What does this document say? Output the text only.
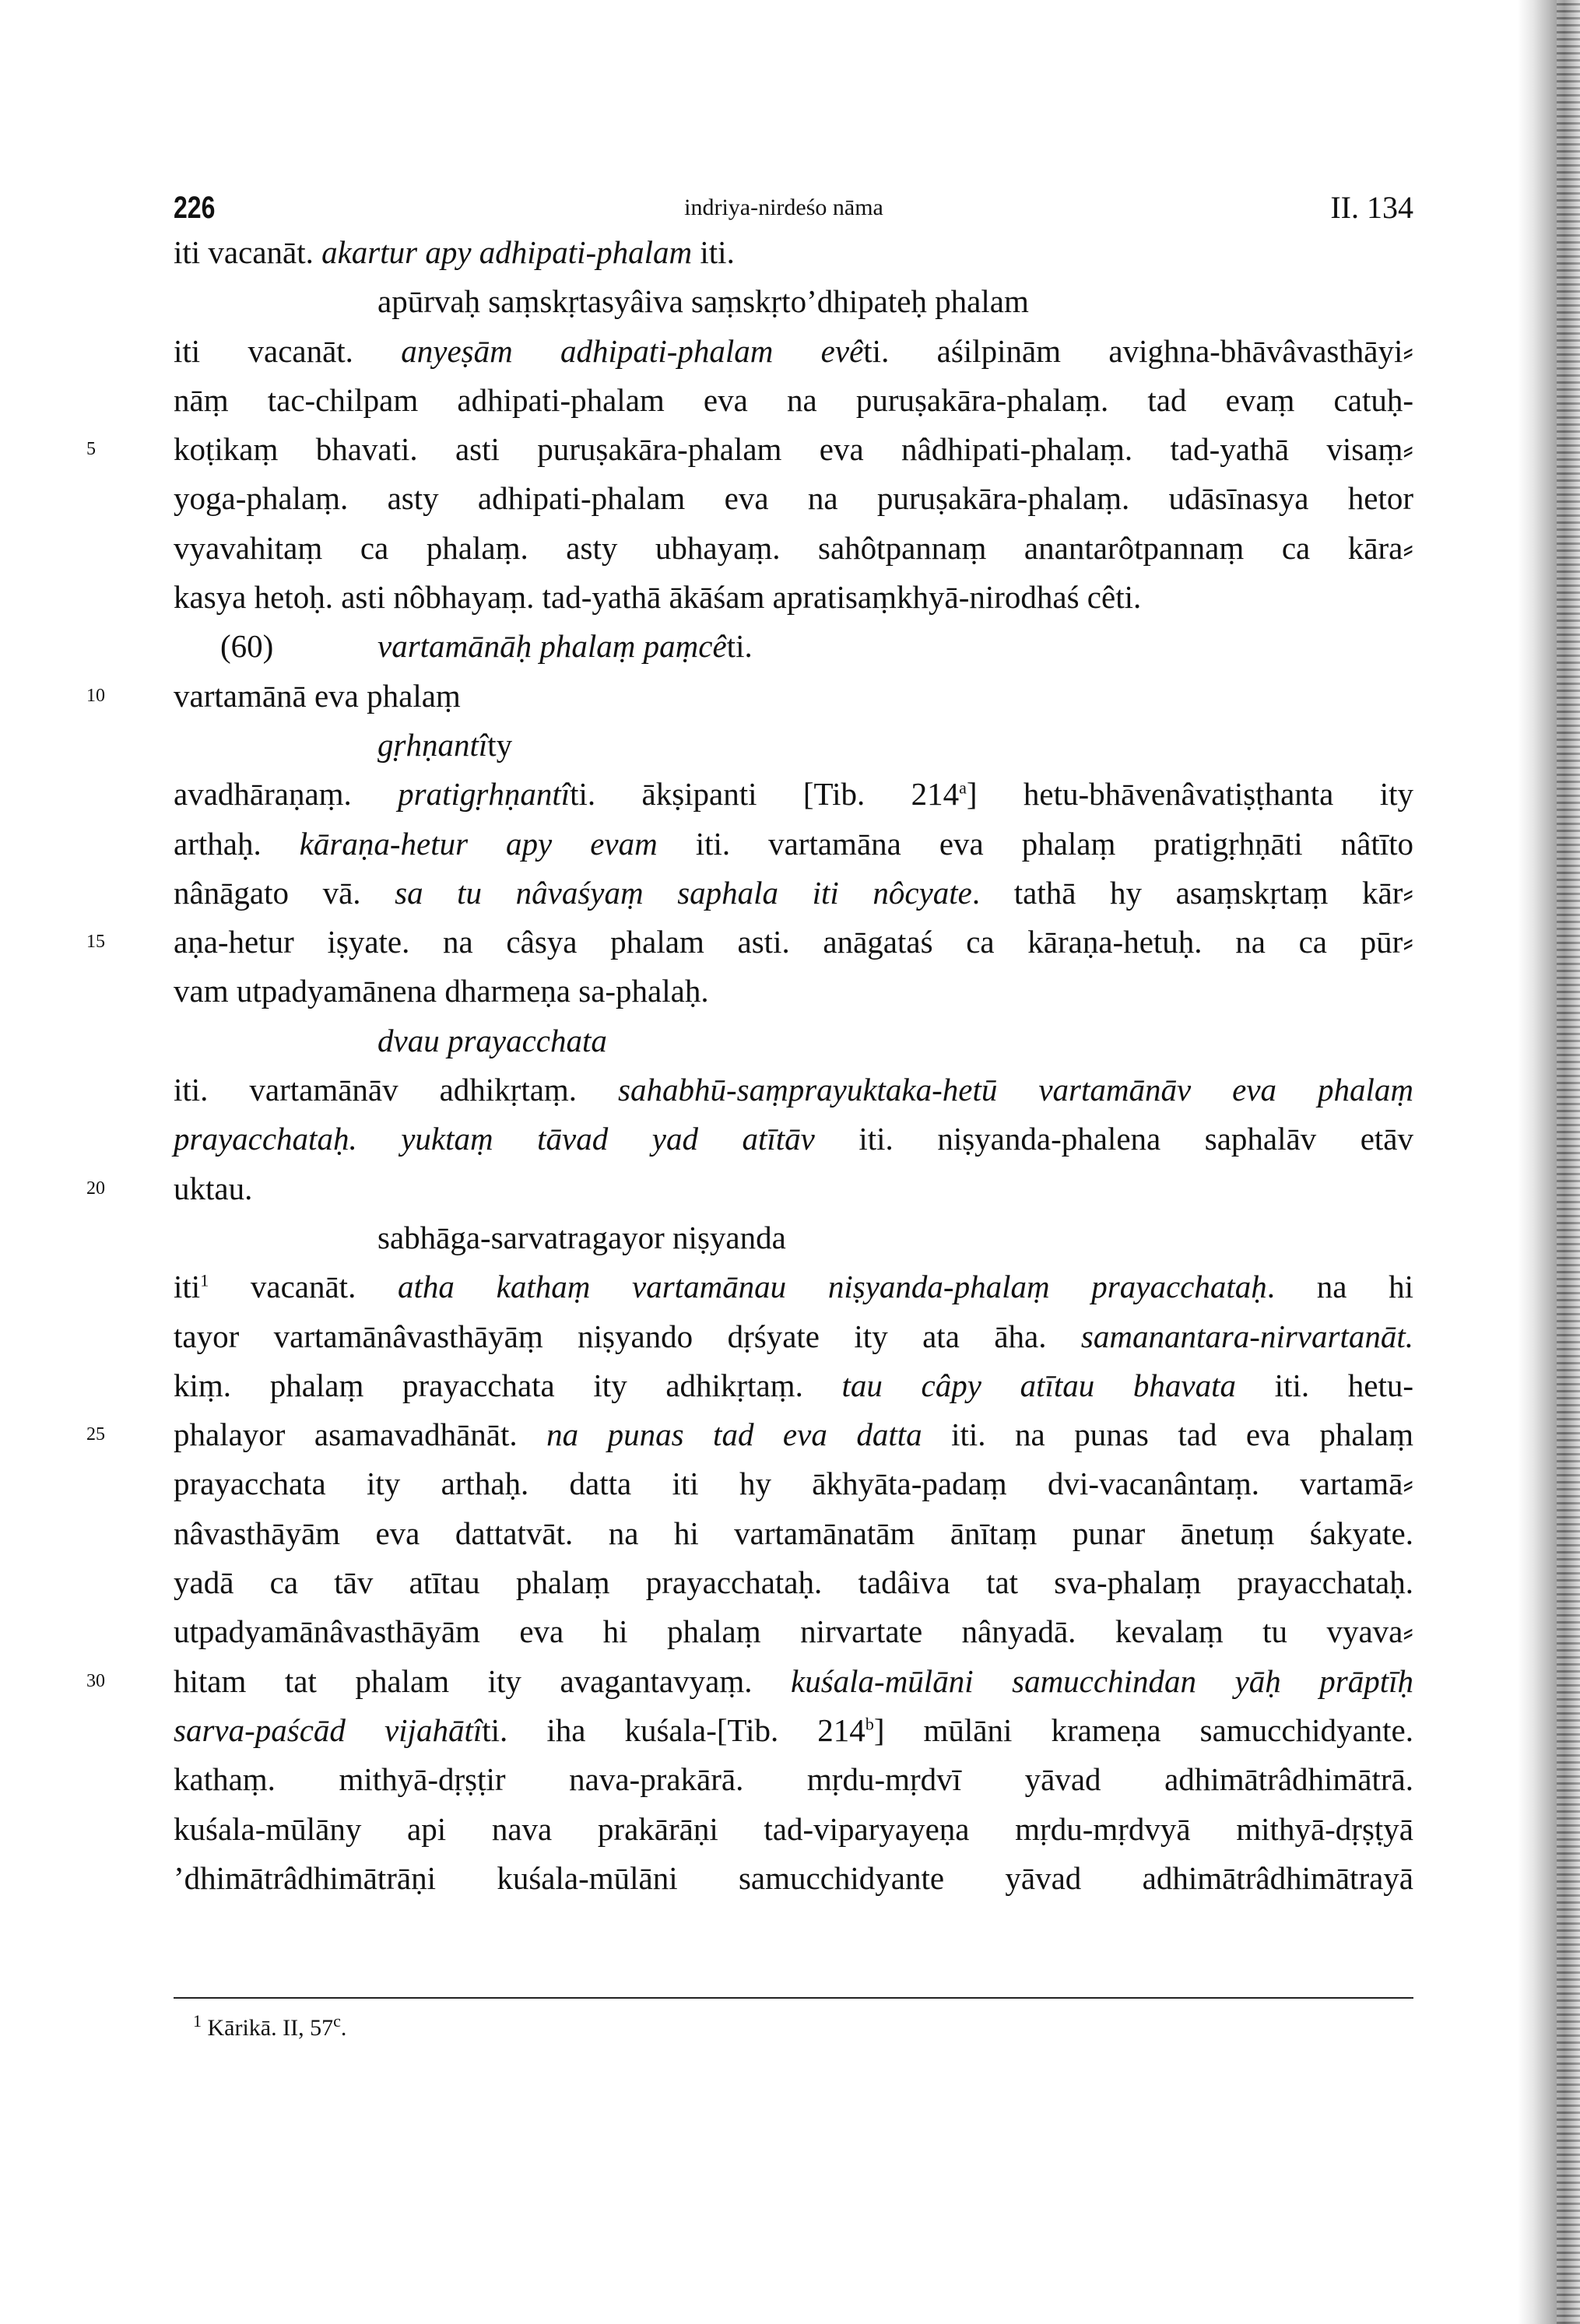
226	indriya-nirdeśo nāma	II. 134
iti vacanāt. akartur apy adhipati-phalam iti.
apūrvaḥ saṃskṛtasyâiva saṃskṛto’dhipateḥ phalam
iti vacanāt. anyeṣām adhipati-phalam evêti. aśilpinām avighna-bhāvâvasthāyi⸗
nāṃ tac-chilpam adhipati-phalam eva na puruṣakāra-phalaṃ. tad evaṃ catuḥ-
5 koṭikaṃ bhavati. asti puruṣakāra-phalam eva nâdhipati-phalaṃ. tad-yathā visaṃ⸗
yoga-phalaṃ. asty adhipati-phalam eva na puruṣakāra-phalaṃ. udāsīnasya hetor
vyavahitaṃ ca phalaṃ. asty ubhayaṃ. sahôtpannaṃ anantarôtpannaṃ ca kāra⸗
kasya hetoḥ. asti nôbhayaṃ. tad-yathā ākāśam apratisaṃkhyā-nirodhaś cêti.
(60)	vartamānāḥ phalaṃ paṃcêti.
10 vartamānā eva phalaṃ
gṛhṇantîty
avadhāraṇaṃ. pratigṛhṇantîti. ākṣipanti [Tib. 214$^a$] hetu-bhāvenâvatiṣṭhanta ity
arthaḥ. kāraṇa-hetur apy evam iti. vartamāna eva phalaṃ pratigṛhṇāti nâtīto
nânāgato vā. sa tu nâvaśyaṃ saphala iti nôcyate. tathā hy asaṃskṛtaṃ kār⸗
15 aṇa-hetur iṣyate. na câsya phalam asti. anāgataś ca kāraṇa-hetuḥ. na ca pūr⸗
vam utpadyamānena dharmeṇa sa-phalaḥ.
dvau prayacchata
iti. vartamānāv adhikṛtaṃ. sahabhū-saṃprayuktaka-hetū vartamānāv eva phalaṃ
prayacchataḥ. yuktaṃ tāvad yad atītāv iti. niṣyanda-phalena saphalāv etāv
20 uktau.
sabhāga-sarvatragayor niṣyanda
iti$^1$ vacanāt. atha kathaṃ vartamānau niṣyanda-phalaṃ prayacchataḥ. na hi
tayor vartamānâvasthāyāṃ niṣyando dṛśyate ity ata āha. samanantara-nirvartanāt.
kiṃ. phalaṃ prayacchata ity adhikṛtaṃ. tau câpy atītau bhavata iti. hetu-
25 phalayor asamavadhānāt. na punas tad eva datta iti. na punas tad eva phalaṃ
prayacchata ity arthaḥ. datta iti hy ākhyāta-padaṃ dvi-vacanântaṃ. vartamā⸗
nâvasthāyām eva dattatvāt. na hi vartamānatām ānītaṃ punar ānetuṃ śakyate.
yadā ca tāv atītau phalaṃ prayacchataḥ. tadâiva tat sva-phalaṃ prayacchataḥ.
utpadyamānâvasthāyām eva hi phalaṃ nirvartate nânyadā. kevalaṃ tu vyava⸗
30 hitam tat phalam ity avagantavyaṃ. kuśala-mūlāni samucchindan yāḥ prāptīḥ
sarva-paścād vijahātîti. iha kuśala-[Tib. 214$^b$] mūlāni krameṇa samucchidyante.
kathaṃ. mithyā-dṛṣṭir nava-prakārā. mṛdu-mṛdvī yāvad adhimātrâdhimātrā.
kuśala-mūlāny api nava prakārāṇi tad-viparyayeṇa mṛdu-mṛdvyā mithyā-dṛṣṭyā
’dhimātrâdhimātrāṇi kuśala-mūlāni samucchidyante yāvad adhimātrâdhimātrayā
$^1$ Kārikā. II, 57$^c$.
